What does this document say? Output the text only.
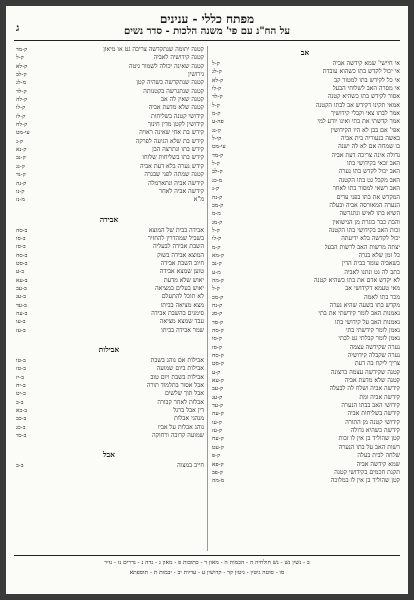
מפתח כללי - ענינים
על הח"נ עם פי' משנה הלכות - סדר נשים
ג
אב
אי חיישי' שמא קידשה אביה
ק-ל
אי יכול לקדש בתו כשהוא עובדת
ק-לג
אי כל לקידש בתו למטור קב
ק-לא
אי מסרה האב לשלוחי הבעל
ק-לו
אסור לקידש בתו כשהיא קטנה
ק-לד
אמאי תקינו דקידש אב לבתו הקטנה
ק-ל
אמר לבתו צאי וקבלי קידושיך
ק-מ
אמר קדשתי את בתי ואינו יודע למי
פה-ע
אפי' אם בבן לא היו הקידושין
ק-נג
באשה בנעוריה בית אביה
קי-ל
בו שמחה אם לא לה ישנה
עי-מט
גדולה אינה צריכה דעת אביה
ק-מד
האב זכאי בקידושי בתו
ק-ל
האב יכול לקדש בתו נערה
ק-לב
האב מקבל גט בתו הקטנה
מ-כג
האב רשאי למסור בתו לאחר
ק-נ
המקדש את בתו בפני עדים
ק-נה
הנערה המאורסה אביה ובעלה
ק-מב
השיא בתו לאיש ונתגרשה
מ-מ
והבת כבר בוגרת מן הנישואין
ק-מג
זכות האב בקידושי בתו הקטנה
ק-ל
יכול לקדשה בלא ידיעתה
ק-לו
יצתה מרשות האב לרשות הבעל
ק-מ
כל זמן שלא בגרה
ק-מא
כשאביה עומד בבית הדין
ק-נב
כתב לה גט ונתנו לאביה
מ-ע
לא יקדש אדם את בתו כשהיא קטנה
ק-מה
מאי טעמא דקידושי אב
ק-ל
מכר בתו לאמה
ק-מב
מקדש בתו בשעה שהיא נערה
ק-נח
נאמנות האב לומר קידשתי את בתי
ק-סג
נאמנות האב על קידושי בתו
ק-סד
נאמן לומר קידשתי בתי
ק-סה
נאמן לומר קבלתי גט לבתי
ק-סו
נערה שקידשה עצמה
ק-סז
נערה שקבלה קידושיה
ק-סח
צריך ליקח בה דעת
ק-סט
קטנה שקידשה עצמה ברצונה
ק-ע
קטנה שלא מדעת אביה
ק-עא
קידשה אביה ושלח לה לבעלה
ק-עב
קידשה אביה ומת
ק-עג
קידושי האב בבתו הנערה
ק-עד
קידשה בשליחות אביה
ק-עה
קידושי קטנה מן התורה
ק-עו
קידשה כשהיא גדולה
ק-עז
קטן שהוליד בן אין לו זכות
ק-עח
רשות האב על בתו הנערה
ק-עט
שלחה לבית בעלה
ק-פ
שמא קידשה אביה
ק-פא
תקנת חכמים בקידושי קטנה
ק-פב
קטן שהוליד בן אין לו במלוכה
מ-מה
קטנה יתומה שנתקדשה צריכה גט או מיאון
ק-מד
קטנה קידושיה לאביה
ק-ל
קטנה שאינה יכולה לשמור גיטה
ק-לא
גירושין
ק-לב
קטנה שנתקדשה כשהיה קטן
מ-לג
קטנה שנתגרשה בקטנותה
ק-לד
קטנה שאין לה אב
ק-לה
קטנה שלא מדעת אביה
ק-לו
קידושי קטנה בשליחות
ק-לז
קידושין לקטן מדין חינוך
ק-לח
קידש בת אחי שאינה ראויה
עי-מט
קידש בת שלא הגיעה לפרקה
ק-נ
קידש בתו ונתרצה הבן
ק-נא
קידש בתו בשליחות שלוחו
ק-נב
קידש נערה בלא דעת אביה
ק-נג
קטנה שמתה לפני שבגרה
ק-נד
קידשה אביה ונתארמלה
ק-נה
קידשה אביה לאחר
ק-נו
מ"א
מ-נז
אבידה
אבידה בבית של המוצא
ב-סה
בשביל שמהדרין להחזיר
ב-סו
השבת אבידה לבעליה
ב-סז
המוצא אבידה בשוק
ב-סח
חיוב השבת אבידה
ב-סט
טוען שמצא אבידה
ב-ע
יאוש שלא מדעת
ב-עא
יאוש בעלים במציאה
ב-עב
לא תוכל להתעלם
ב-עג
מצא מציאה בביתו
ב-עד
סימנים בהשבת אבידה
ב-עה
עבד שמצא מציאה
ב-עו
שמר אבידה בביתו
ב-עז
אבילות
אבילות אם נוהג בשבת
ב-טו
אבילות ביום שמועה
ב-טז
אבילות בשבת ויום טוב
ב-יז
אבל אסור בתלמוד תורה
ב-יח
אבל תוך שלשים
ב-יט
אבלות לאחר קבורה
ב-כ
דין אבל ברגל
ב-כא
מנהגי אבלות
ב-כב
נוהג אבלות על אביו
ב-כג
שמועה קרובה ורחוקה
ב-כד
אבל
חייב במצוה
ב-ב
ב - נשין נש - נש חולחיה ה - הכמות ה - מאון ד - כתובות פ - מאון ג - נדה נ - נדרים נז - נזיר
סו - סוטה גיטין - גיטין קד - קדושין ע - עדיות יב - יבמות ת - תוספתא
